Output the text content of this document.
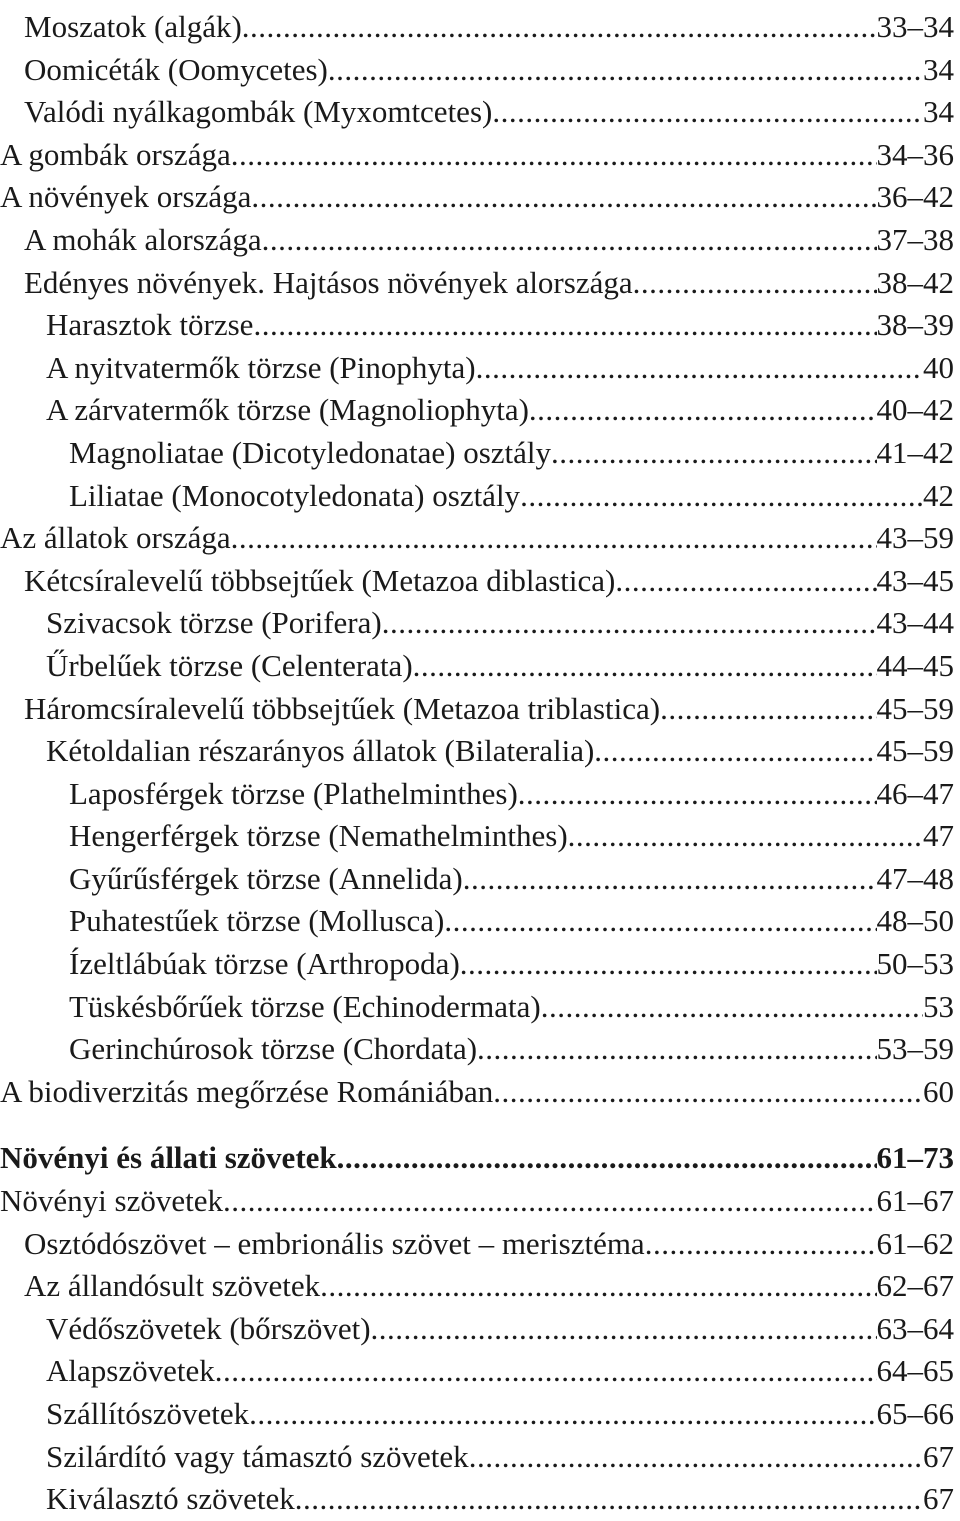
Moszatok (algák) .....	33–34
Oomicéták (Oomycetes) .....	34
Valódi nyálkagombák (Myxomtcetes) .....	34
A gombák országa .....	34–36
A növények országa .....	36–42
A mohák alországa .....	37–38
Edényes növények. Hajtásos növények alországa .....	38–42
Harasztok törzse .....	38–39
A nyitvatermők törzse (Pinophyta) .....	40
A zárvatermők törzse (Magnoliophyta) .....	40–42
Magnoliatae (Dicotyledonatae) osztály .....	41–42
Liliatae (Monocotyledonata) osztály .....	42
Az állatok országa .....	43–59
Kétcsíralevelű többsejtűek (Metazoa diblastica) .....	43–45
Szivacsok törzse (Porifera) .....	43–44
Űrbelűek törzse (Celenterata) .....	44–45
Háromcsíralevelű többsejtűek (Metazoa triblastica) .....	45–59
Kétoldalian részarányos állatok (Bilateralia) .....	45–59
Laposférgek törzse (Plathelminthes) .....	46–47
Hengerférgek törzse (Nemathelminthes) .....	47
Gyűrűsférgek törzse (Annelida) .....	47–48
Puhatestűek törzse (Mollusca) .....	48–50
Ízeltlábúak törzse (Arthropoda) .....	50–53
Tüskésbőrűek törzse (Echinodermata) .....	53
Gerinchúrosok törzse (Chordata) .....	53–59
A biodiverzitás megőrzése Romániában .....	60
Növényi és állati szövetek .....	61–73
Növényi szövetek .....	61–67
Osztódószövet – embrionális szövet – merisztéma .....	61–62
Az állandósult szövetek .....	62–67
Védőszövetek (bőrszövet) .....	63–64
Alapszövetek .....	64–65
Szállítószövetek .....	65–66
Szilárdító vagy támasztó szövetek .....	67
Kiválasztó szövetek .....	67
